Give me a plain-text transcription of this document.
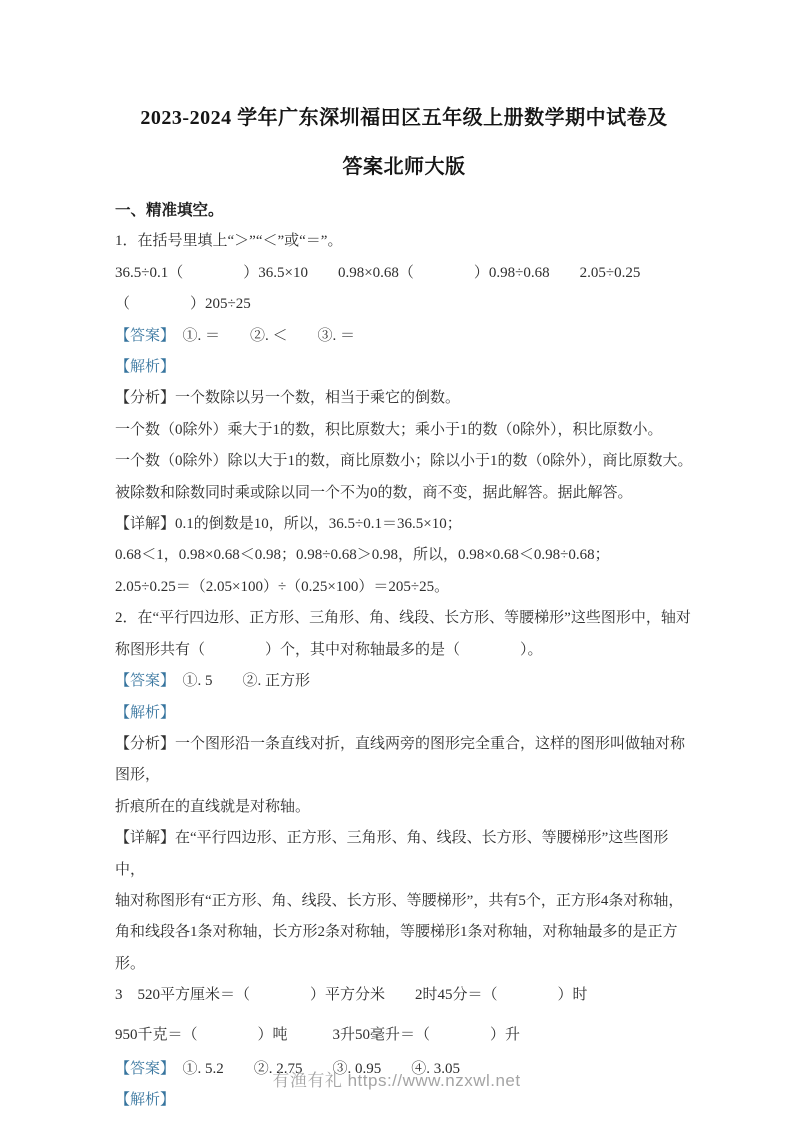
2023-2024 学年广东深圳福田区五年级上册数学期中试卷及

答案北师大版

一、精准填空。

1．在括号里填上“＞”“＜”或“＝”。

36.5÷0.1（　　　　）36.5×10　　0.98×0.68（　　　　）0.98÷0.68　　2.05÷0.25

（　　　　）205÷25

【答案】　①. ＝　　②. ＜　　③. ＝

【解析】

【分析】一个数除以另一个数，相当于乘它的倒数。

一个数（0除外）乘大于1的数，积比原数大；乘小于1的数（0除外），积比原数小。

一个数（0除外）除以大于1的数，商比原数小；除以小于1的数（0除外），商比原数大。

被除数和除数同时乘或除以同一个不为0的数，商不变，据此解答。据此解答。

【详解】0.1的倒数是10，所以，36.5÷0.1＝36.5×10；

0.68＜1，0.98×0.68＜0.98；0.98÷0.68＞0.98，所以，0.98×0.68＜0.98÷0.68；

2.05÷0.25＝（2.05×100）÷（0.25×100）＝205÷25。

2．在“平行四边形、正方形、三角形、角、线段、长方形、等腰梯形”这些图形中，轴对

称图形共有（　　　　）个，其中对称轴最多的是（　　　　）。

【答案】　①. 5　　②. 正方形

【解析】

【分析】一个图形沿一条直线对折，直线两旁的图形完全重合，这样的图形叫做轴对称图形，

折痕所在的直线就是对称轴。

【详解】在“平行四边形、正方形、三角形、角、线段、长方形、等腰梯形”这些图形中，

轴对称图形有“正方形、角、线段、长方形、等腰梯形”，共有5个，正方形4条对称轴，

角和线段各1条对称轴，长方形2条对称轴，等腰梯形1条对称轴，对称轴最多的是正方形。

3　520平方厘米＝（　　　　）平方分米　　2时45分＝（　　　　）时

950千克＝（　　　　）吨　　　3升50毫升＝（　　　　）升

【答案】　①. 5.2　　②. 2.75　　③. 0.95　　④. 3.05

【解析】

有渔有礼 https://www.nzxwl.net
